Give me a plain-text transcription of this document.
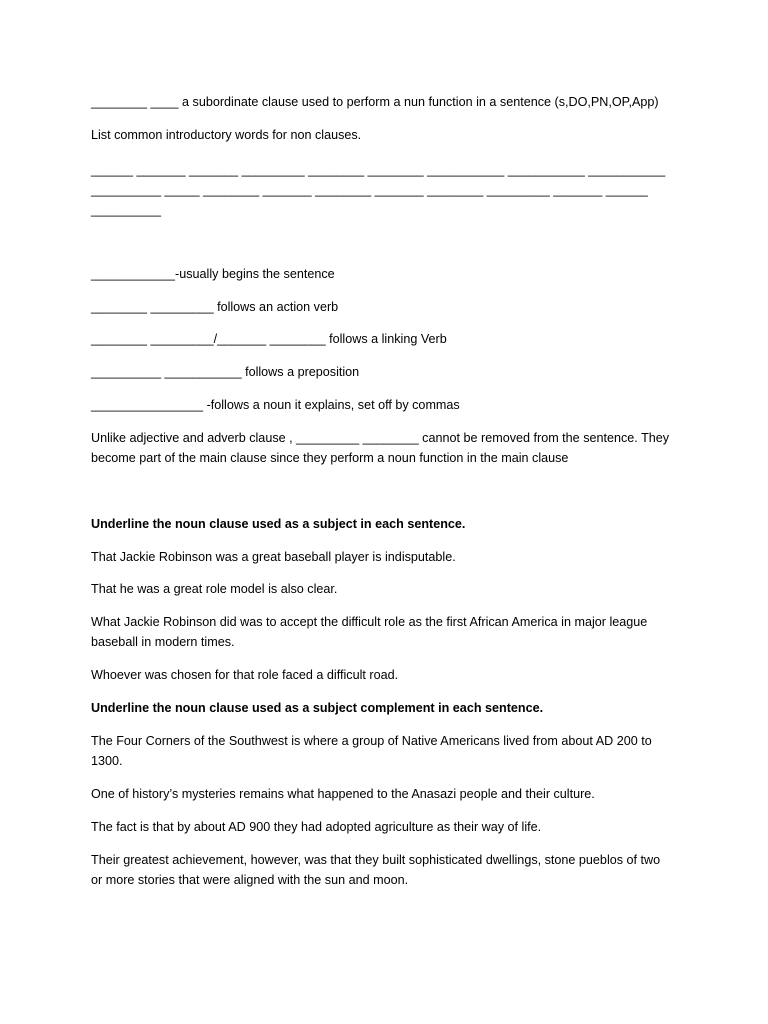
________ ____ a subordinate clause used to perform a nun function in a sentence (s,DO,PN,OP,App)

List common introductory words for non clauses.

______ _______ _______ _________ ________ ________ ___________ ___________ ___________

__________ _____ ________ _______ ________ _______ ________ _________ _______ ______

__________

____________-usually begins the sentence

________ _________ follows an action verb

________ _________/_______ ________ follows a linking Verb

__________ ___________ follows a preposition

________________ -follows a noun it explains, set off by commas

Unlike adjective and adverb clause , _________ ________ cannot be removed from the sentence. They

become part of the main clause since they perform a noun function in the main clause

Underline the noun clause used as a subject in each sentence.

That Jackie Robinson was a great baseball player is indisputable.

That he was a great role model is also clear.

What Jackie Robinson did was to accept the difficult role as the first African America in major league

baseball in modern times.

Whoever was chosen for that role faced a difficult road.

Underline the noun clause used as a subject complement in each sentence.

The Four Corners of the Southwest is where a group of Native Americans lived from about AD 200 to

1300.

One of history’s mysteries remains what happened to the Anasazi people and their culture.

The fact is that by about AD 900 they had adopted agriculture as their way of life.

Their greatest achievement, however, was that they built sophisticated dwellings, stone pueblos of two

or more stories that were aligned with the sun and moon.
